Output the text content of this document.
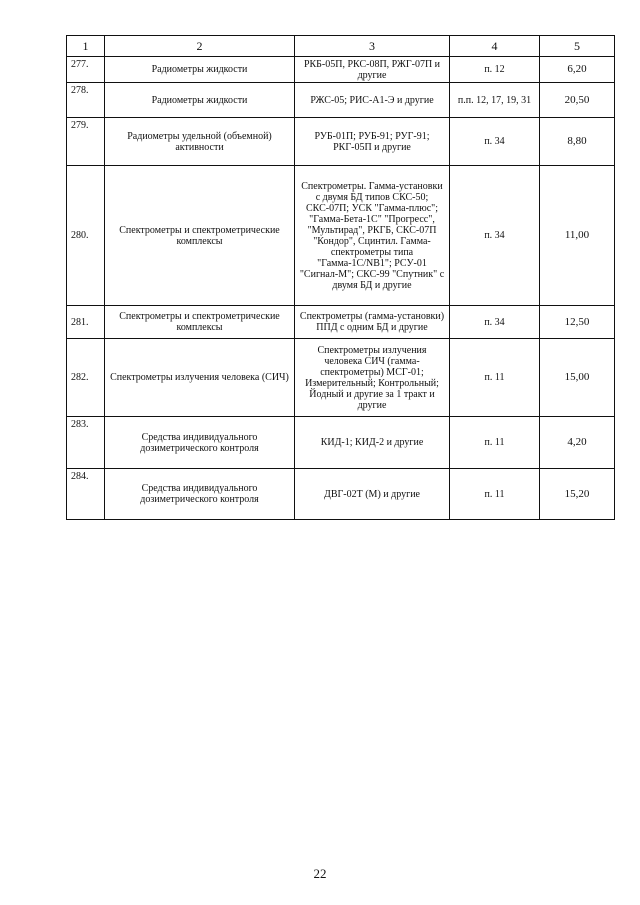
1	2	3	4	5
277.	Радиометры жидкости	РКБ-05П, РКС-08П, РЖГ-07П и другие	п. 12	6,20
278.	Радиометры жидкости	РЖС-05; РИС-А1-Э и другие	п.п. 12, 17, 19, 31	20,50
279.	Радиометры удельной (объемной) активности	РУБ-01П; РУБ-91; РУГ-91; РКГ-05П и другие	п. 34	8,80
280.	Спектрометры и спектрометрические комплексы	Спектрометры. Гамма-установки с двумя БД типов СКС-50; СКС-07П; УСК "Гамма-плюс"; "Гамма-Бета-1С" "Прогресс", "Мультирад", РКГБ, СКС-07П "Кондор", Сцинтил. Гамма-спектрометры типа "Гамма-1С/NB1"; РСУ-01 "Сигнал-М"; СКС-99 "Спутник" с двумя БД и другие	п. 34	11,00
281.	Спектрометры и спектрометрические комплексы	Спектрометры (гамма-установки) ППД с одним БД и другие	п. 34	12,50
282.	Спектрометры излучения человека (СИЧ)	Спектрометры излучения человека СИЧ (гамма-спектрометры) МСГ-01; Измерительный; Контрольный; Йодный и другие за 1 тракт и другие	п. 11	15,00
283.	Средства индивидуального дозиметрического контроля	КИД-1; КИД-2 и другие	п. 11	4,20
284.	Средства индивидуального дозиметрического контроля	ДВГ-02Т (М) и другие	п. 11	15,20
22
